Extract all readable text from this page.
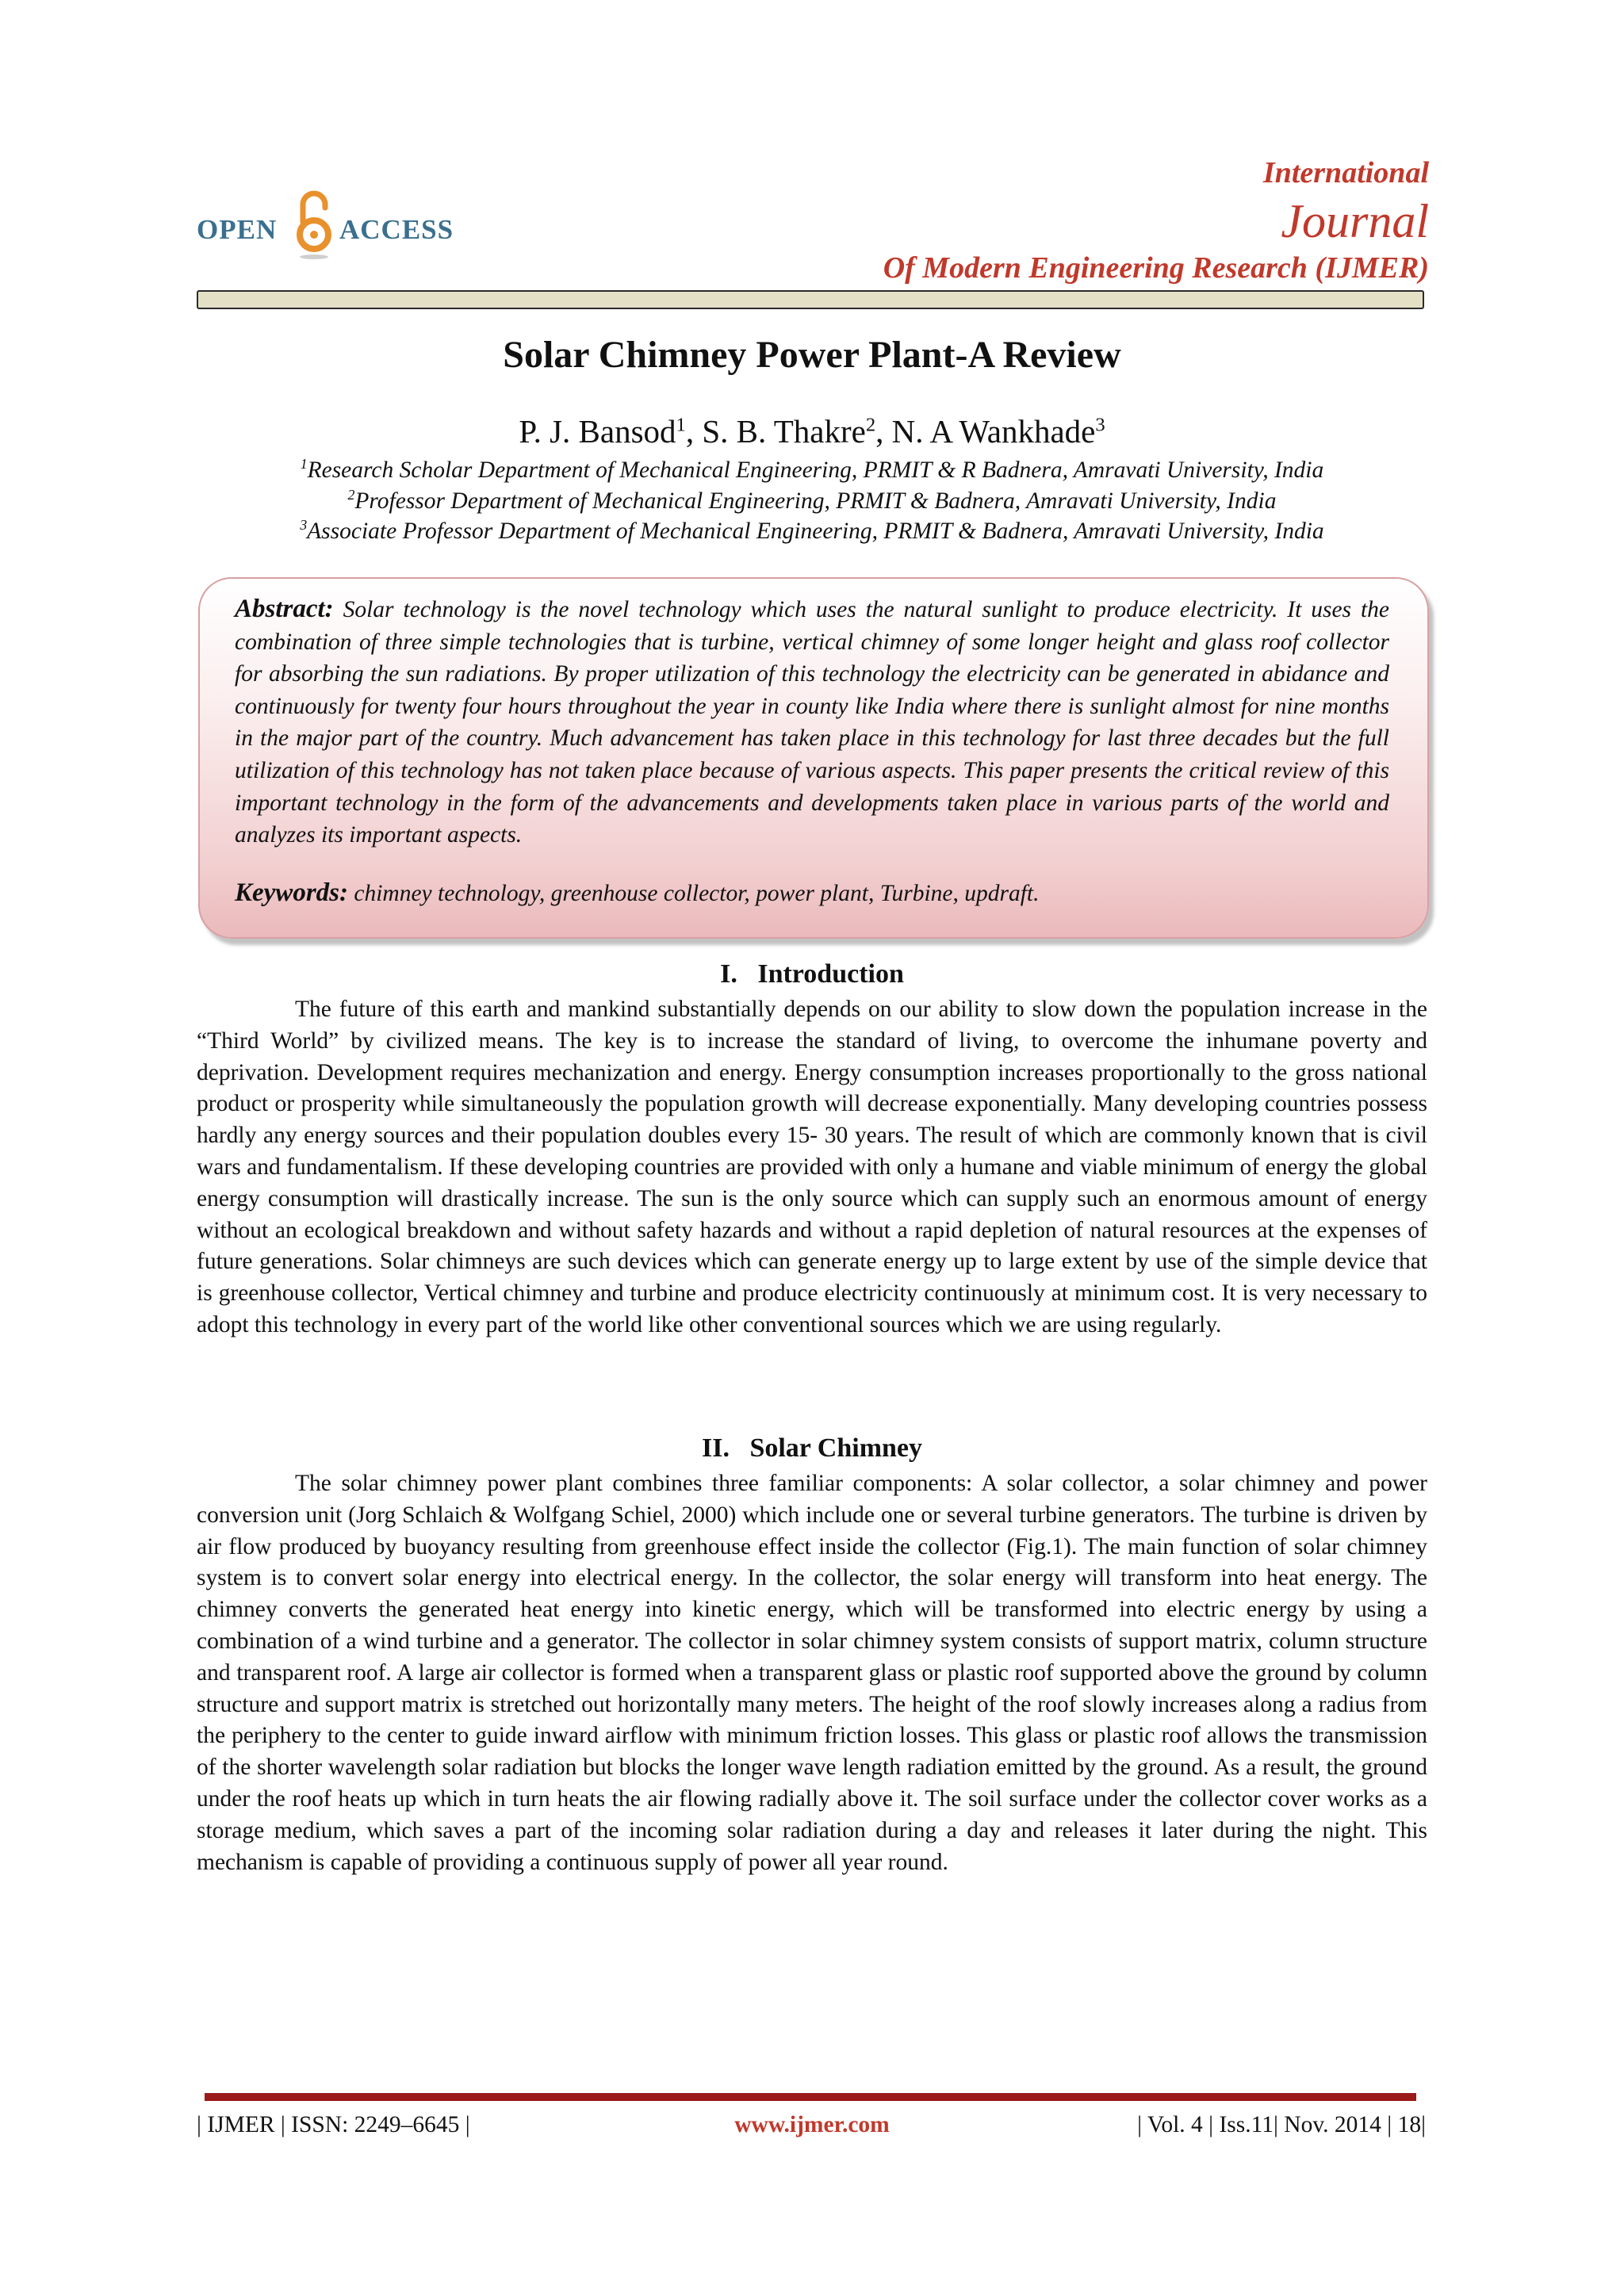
OPEN ACCESS
International
Journal
Of Modern Engineering Research (IJMER)
Solar Chimney Power Plant-A Review
P. J. Bansod$^1$, S. B. Thakre$^2$, N. A Wankhade$^3$
$^1$Research Scholar Department of Mechanical Engineering, PRMIT & R Badnera, Amravati University, India
$^2$Professor Department of Mechanical Engineering, PRMIT & Badnera, Amravati University, India
$^3$Associate Professor Department of Mechanical Engineering, PRMIT & Badnera, Amravati University, India
Abstract: Solar technology is the novel technology which uses the natural sunlight to produce electricity. It uses the combination of three simple technologies that is turbine, vertical chimney of some longer height and glass roof collector for absorbing the sun radiations. By proper utilization of this technology the electricity can be generated in abidance and continuously for twenty four hours throughout the year in county like India where there is sunlight almost for nine months in the major part of the country. Much advancement has taken place in this technology for last three decades but the full utilization of this technology has not taken place because of various aspects. This paper presents the critical review of this important technology in the form of the advancements and developments taken place in various parts of the world and analyzes its important aspects.
Keywords: chimney technology, greenhouse collector, power plant, Turbine, updraft.
I.   Introduction
The future of this earth and mankind substantially depends on our ability to slow down the population increase in the “Third World” by civilized means. The key is to increase the standard of living, to overcome the inhumane poverty and deprivation. Development requires mechanization and energy. Energy consumption increases proportionally to the gross national product or prosperity while simultaneously the population growth will decrease exponentially. Many developing countries possess hardly any energy sources and their population doubles every 15- 30 years. The result of which are commonly known that is civil wars and fundamentalism. If these developing countries are provided with only a humane and viable minimum of energy the global energy consumption will drastically increase. The sun is the only source which can supply such an enormous amount of energy without an ecological breakdown and without safety hazards and without a rapid depletion of natural resources at the expenses of future generations. Solar chimneys are such devices which can generate energy up to large extent by use of the simple device that is greenhouse collector, Vertical chimney and turbine and produce electricity continuously at minimum cost. It is very necessary to adopt this technology in every part of the world like other conventional sources which we are using regularly.
II.   Solar Chimney
The solar chimney power plant combines three familiar components: A solar collector, a solar chimney and power conversion unit (Jorg Schlaich & Wolfgang Schiel, 2000) which include one or several turbine generators. The turbine is driven by air flow produced by buoyancy resulting from greenhouse effect inside the collector (Fig.1). The main function of solar chimney system is to convert solar energy into electrical energy. In the collector, the solar energy will transform into heat energy. The chimney converts the generated heat energy into kinetic energy, which will be transformed into electric energy by using a combination of a wind turbine and a generator. The collector in solar chimney system consists of support matrix, column structure and transparent roof. A large air collector is formed when a transparent glass or plastic roof supported above the ground by column structure and support matrix is stretched out horizontally many meters. The height of the roof slowly increases along a radius from the periphery to the center to guide inward airflow with minimum friction losses. This glass or plastic roof allows the transmission of the shorter wavelength solar radiation but blocks the longer wave length radiation emitted by the ground. As a result, the ground under the roof heats up which in turn heats the air flowing radially above it. The soil surface under the collector cover works as a storage medium, which saves a part of the incoming solar radiation during a day and releases it later during the night. This mechanism is capable of providing a continuous supply of power all year round.
| IJMER | ISSN: 2249–6645 |	www.ijmer.com	| Vol. 4 | Iss.11| Nov. 2014 | 18|
